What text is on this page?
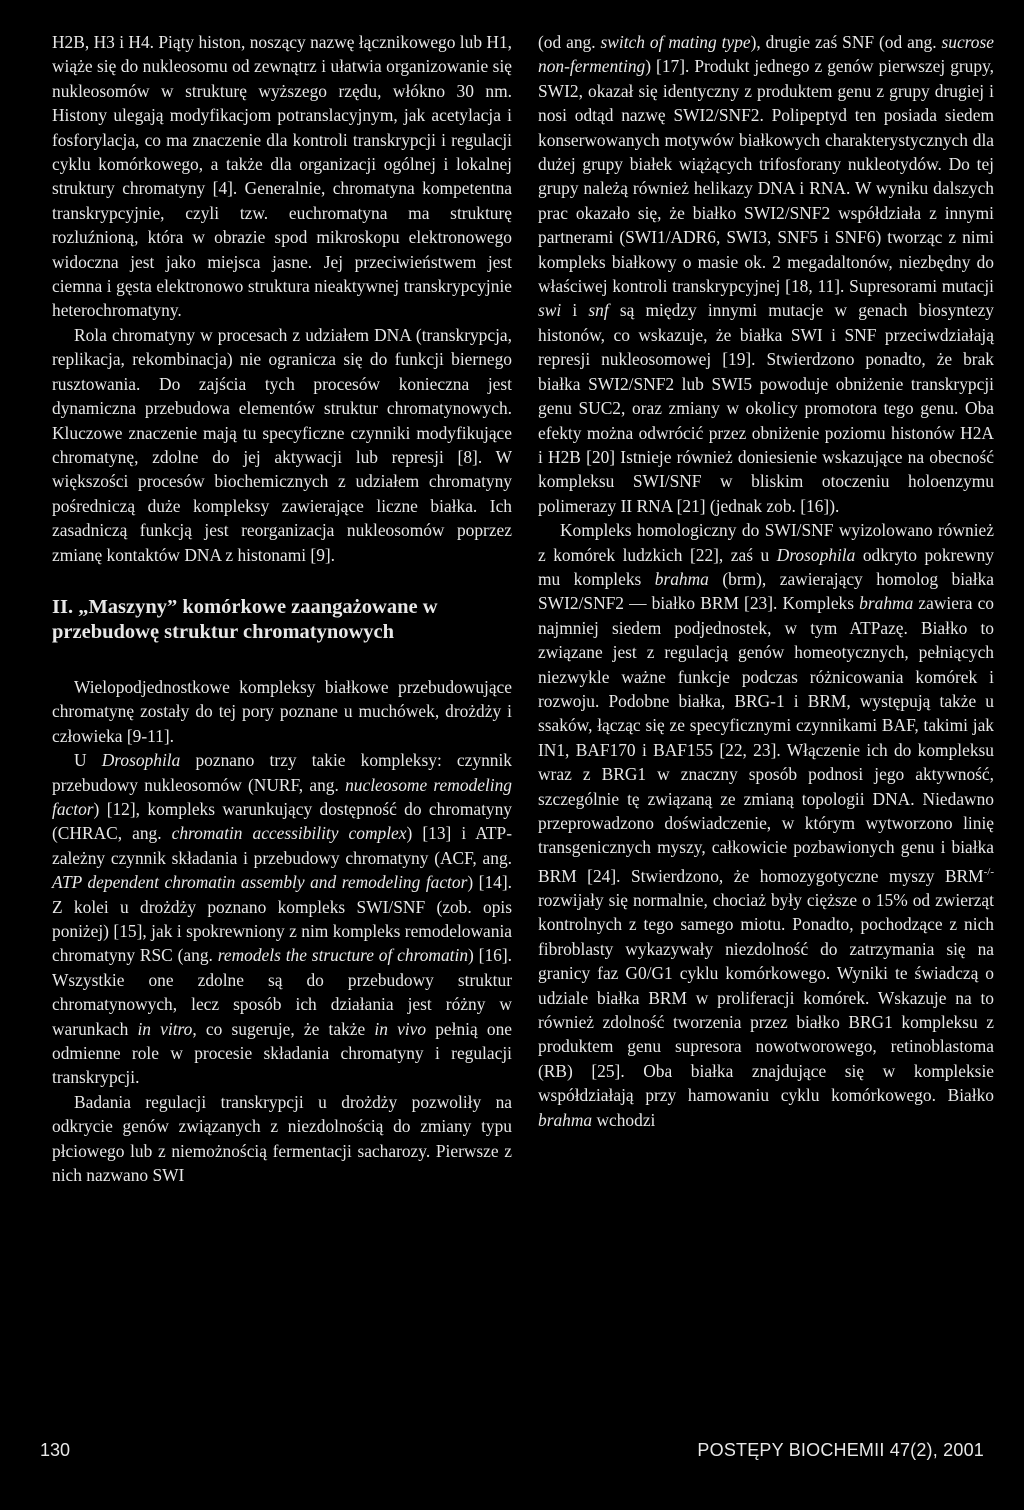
H2B, H3 i H4. Piąty histon, noszący nazwę łącznikowego lub H1, wiąże się do nukleosomu od zewnątrz i ułatwia organizowanie się nukleosomów w strukturę wyższego rzędu, włókno 30 nm. Histony ulegają modyfikacjom potranslacyjnym, jak acetylacja i fosforylacja, co ma znaczenie dla kontroli transkrypcji i regulacji cyklu komórkowego, a także dla organizacji ogólnej i lokalnej struktury chromatyny [4]. Generalnie, chromatyna kompetentna transkrypcyjnie, czyli tzw. euchromatyna ma strukturę rozluźnioną, która w obrazie spod mikroskopu elektronowego widoczna jest jako miejsca jasne. Jej przeciwieństwem jest ciemna i gęsta elektronowo struktura nieaktywnej transkrypcyjnie heterochromatyny.

Rola chromatyny w procesach z udziałem DNA (transkrypcja, replikacja, rekombinacja) nie ogranicza się do funkcji biernego rusztowania. Do zajścia tych procesów konieczna jest dynamiczna przebudowa elementów struktur chromatynowych. Kluczowe znaczenie mają tu specyficzne czynniki modyfikujące chromatynę, zdolne do jej aktywacji lub represji [8]. W większości procesów biochemicznych z udziałem chromatyny pośredniczą duże kompleksy zawierające liczne białka. Ich zasadniczą funkcją jest reorganizacja nukleosomów poprzez zmianę kontaktów DNA z histonami [9].

II. „Maszyny” komórkowe zaangażowane w przebudowę struktur chromatynowych

Wielopodjednostkowe kompleksy białkowe przebudowujące chromatynę zostały do tej pory poznane u muchówek, drożdży i człowieka [9-11].

U Drosophila poznano trzy takie kompleksy: czynnik przebudowy nukleosomów (NURF, ang. nucleosome remodeling factor) [12], kompleks warunkujący dostępność do chromatyny (CHRAC, ang. chromatin accessibility complex) [13] i ATP-zależny czynnik składania i przebudowy chromatyny (ACF, ang. ATP dependent chromatin assembly and remodeling factor) [14]. Z kolei u drożdży poznano kompleks SWI/SNF (zob. opis poniżej) [15], jak i spokrewniony z nim kompleks remodelowania chromatyny RSC (ang. remodels the structure of chromatin) [16]. Wszystkie one zdolne są do przebudowy struktur chromatynowych, lecz sposób ich działania jest różny w warunkach in vitro, co sugeruje, że także in vivo pełnią one odmienne role w procesie składania chromatyny i regulacji transkrypcji.

Badania regulacji transkrypcji u drożdży pozwoliły na odkrycie genów związanych z niezdolnością do zmiany typu płciowego lub z niemożnością fermentacji sacharozy. Pierwsze z nich nazwano SWI

(od ang. switch of mating type), drugie zaś SNF (od ang. sucrose non-fermenting) [17]. Produkt jednego z genów pierwszej grupy, SWI2, okazał się identyczny z produktem genu z grupy drugiej i nosi odtąd nazwę SWI2/SNF2. Polipeptyd ten posiada siedem konserwowanych motywów białkowych charakterystycznych dla dużej grupy białek wiążących trifosforany nukleotydów. Do tej grupy należą również helikazy DNA i RNA. W wyniku dalszych prac okazało się, że białko SWI2/SNF2 współdziała z innymi partnerami (SWI1/ADR6, SWI3, SNF5 i SNF6) tworząc z nimi kompleks białkowy o masie ok. 2 megadaltonów, niezbędny do właściwej kontroli transkrypcyjnej [18, 11]. Supresorami mutacji swi i snf są między innymi mutacje w genach biosyntezy histonów, co wskazuje, że białka SWI i SNF przeciwdziałają represji nukleosomowej [19]. Stwierdzono ponadto, że brak białka SWI2/SNF2 lub SWI5 powoduje obniżenie transkrypcji genu SUC2, oraz zmiany w okolicy promotora tego genu. Oba efekty można odwrócić przez obniżenie poziomu histonów H2A i H2B [20] Istnieje również doniesienie wskazujące na obecność kompleksu SWI/SNF w bliskim otoczeniu holoenzymu polimerazy II RNA [21] (jednak zob. [16]).

Kompleks homologiczny do SWI/SNF wyizolowano również z komórek ludzkich [22], zaś u Drosophila odkryto pokrewny mu kompleks brahma (brm), zawierający homolog białka SWI2/SNF2 — białko BRM [23]. Kompleks brahma zawiera co najmniej siedem podjednostek, w tym ATPazę. Białko to związane jest z regulacją genów homeotycznych, pełniących niezwykle ważne funkcje podczas różnicowania komórek i rozwoju. Podobne białka, BRG-1 i BRM, występują także u ssaków, łącząc się ze specyficznymi czynnikami BAF, takimi jak IN1, BAF170 i BAF155 [22, 23]. Włączenie ich do kompleksu wraz z BRG1 w znaczny sposób podnosi jego aktywność, szczególnie tę związaną ze zmianą topologii DNA. Niedawno przeprowadzono doświadczenie, w którym wytworzono linię transgenicznych myszy, całkowicie pozbawionych genu i białka BRM [24]. Stwierdzono, że homozygotyczne myszy BRM-/- rozwijały się normalnie, chociaż były cięższe o 15% od zwierząt kontrolnych z tego samego miotu. Ponadto, pochodzące z nich fibroblasty wykazywały niezdolność do zatrzymania się na granicy faz G0/G1 cyklu komórkowego. Wyniki te świadczą o udziale białka BRM w proliferacji komórek. Wskazuje na to również zdolność tworzenia przez białko BRG1 kompleksu z produktem genu supresora nowotworowego, retinoblastoma (RB) [25]. Oba białka znajdujące się w kompleksie współdziałają przy hamowaniu cyklu komórkowego. Białko brahma wchodzi

130	POSTĘPY BIOCHEMII 47(2), 2001
